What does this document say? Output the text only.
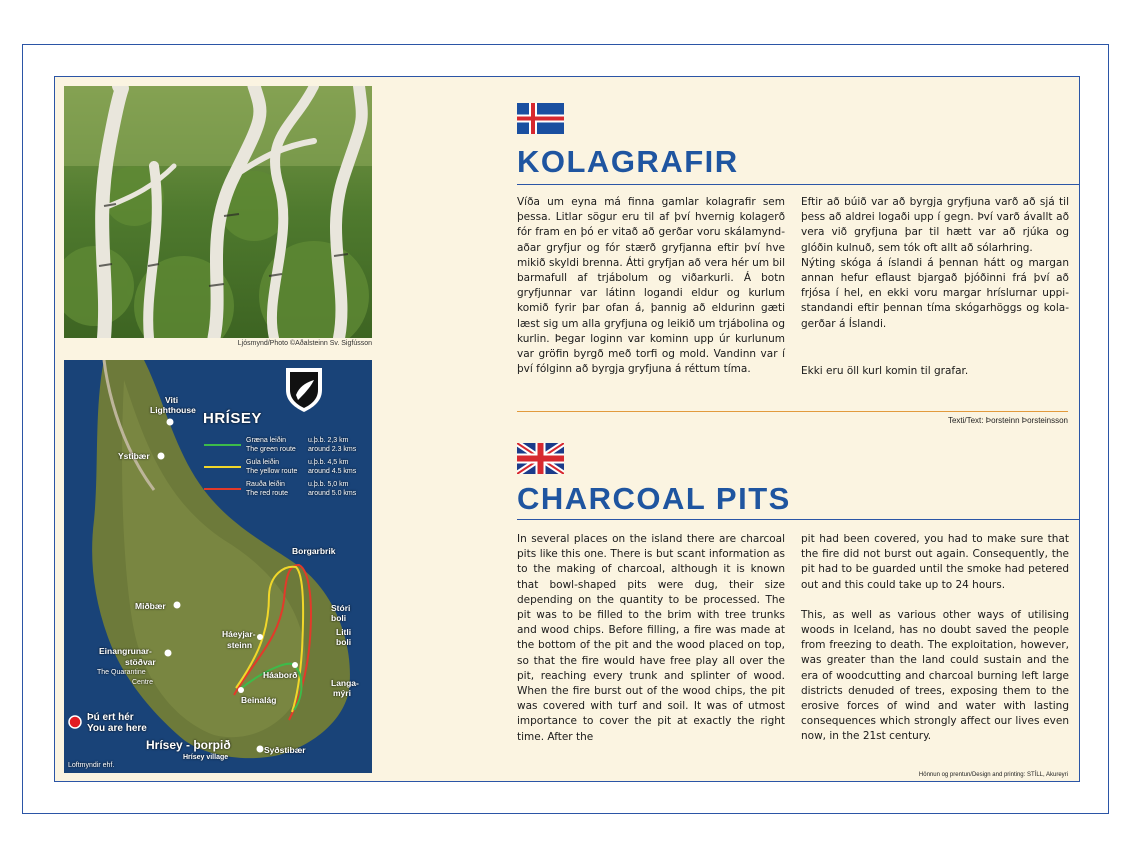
Ljósmynd/Photo ©Aðalsteinn Sv. Sigfússon
HRÍSEY
Græna leiðin	u.þ.b. 2,3 km
The green route around 2.3 kms
Gula leiðin	u.þ.b. 4,5 km
The yellow route around 4.5 kms
Rauða leiðin	u.þ.b. 5,0 km
The red route	around 5.0 kms
Viti
Lighthouse
Ystibær
Borgarbrik
Miðbær	Stóri
boli
Litli
boli
Háeyjar-
steinn
Einangrunar-
stöðvar
The Quarantine
Centre
Háaborð
Langa-
mýri
Beinalág
Þú ert hér
You are here
Hrísey - þorpið
Hrísey village
Syðstibær
Loftmyndir ehf.
KOLAGRAFIR

Víða um eyna má finna gamlar kolagrafir sem þessa. Litlar sögur eru til af því hvernig kolagerð fór fram en þó er vitað að gerðar voru skálamynd-aðar gryfjur og fór stærð gryfjanna eftir því hve mikið skyldi brenna. Átti gryfjan að vera hér um bil barmafull af trjábolum og viðarkurli. Á botn gryfjunnar var látinn logandi eldur og kurlum komið fyrir þar ofan á, þannig að eldurinn gæti læst sig um alla gryfjuna og leikið um trjábolina og kurlin. Þegar loginn var kominn upp úr kurlunum var gröfin byrgð með torfi og mold. Vandinn var í því fólginn að byrgja gryfjuna á réttum tíma.

Eftir að búið var að byrgja gryfjuna varð að sjá til þess að aldrei logaði upp í gegn. Því varð ávallt að vera við gryfjuna þar til hætt var að rjúka og glóðin kulnuð, sem tók oft allt að sólarhring.

Nýting skóga á íslandi á þennan hátt og margan annan hefur eflaust bjargað þjóðinni frá því að frjósa í hel, en ekki voru margar hríslurnar uppi-standandi eftir þennan tíma skógarhöggs og kola-gerðar á Íslandi.

Ekki eru öll kurl komin til grafar.

Texti/Text: Þorsteinn Þorsteinsson
CHARCOAL PITS

In several places on the island there are charcoal pits like this one. There is but scant information as to the making of charcoal, although it is known that bowl-shaped pits were dug, their size depending on the quantity to be processed. The pit was to be filled to the brim with tree trunks and wood chips. Before filling, a fire was made at the bottom of the pit and the wood placed on top, so that the fire would have free play all over the pit, reaching every trunk and splinter of wood. When the fire burst out of the wood chips, the pit was covered with turf and soil. It was of utmost importance to cover the pit at exactly the right time. After the

pit had been covered, you had to make sure that the fire did not burst out again. Consequently, the pit had to be guarded until the smoke had petered out and this could take up to 24 hours.

This, as well as various other ways of utilising woods in Iceland, has no doubt saved the people from freezing to death. The exploitation, however, was greater than the land could sustain and the era of woodcutting and charcoal burning left large districts denuded of trees, exposing them to the erosive forces of wind and water with lasting consequences which strongly affect our lives even now, in the 21st century.

Hönnun og prentun/Design and printing: STÍLL, Akureyri
